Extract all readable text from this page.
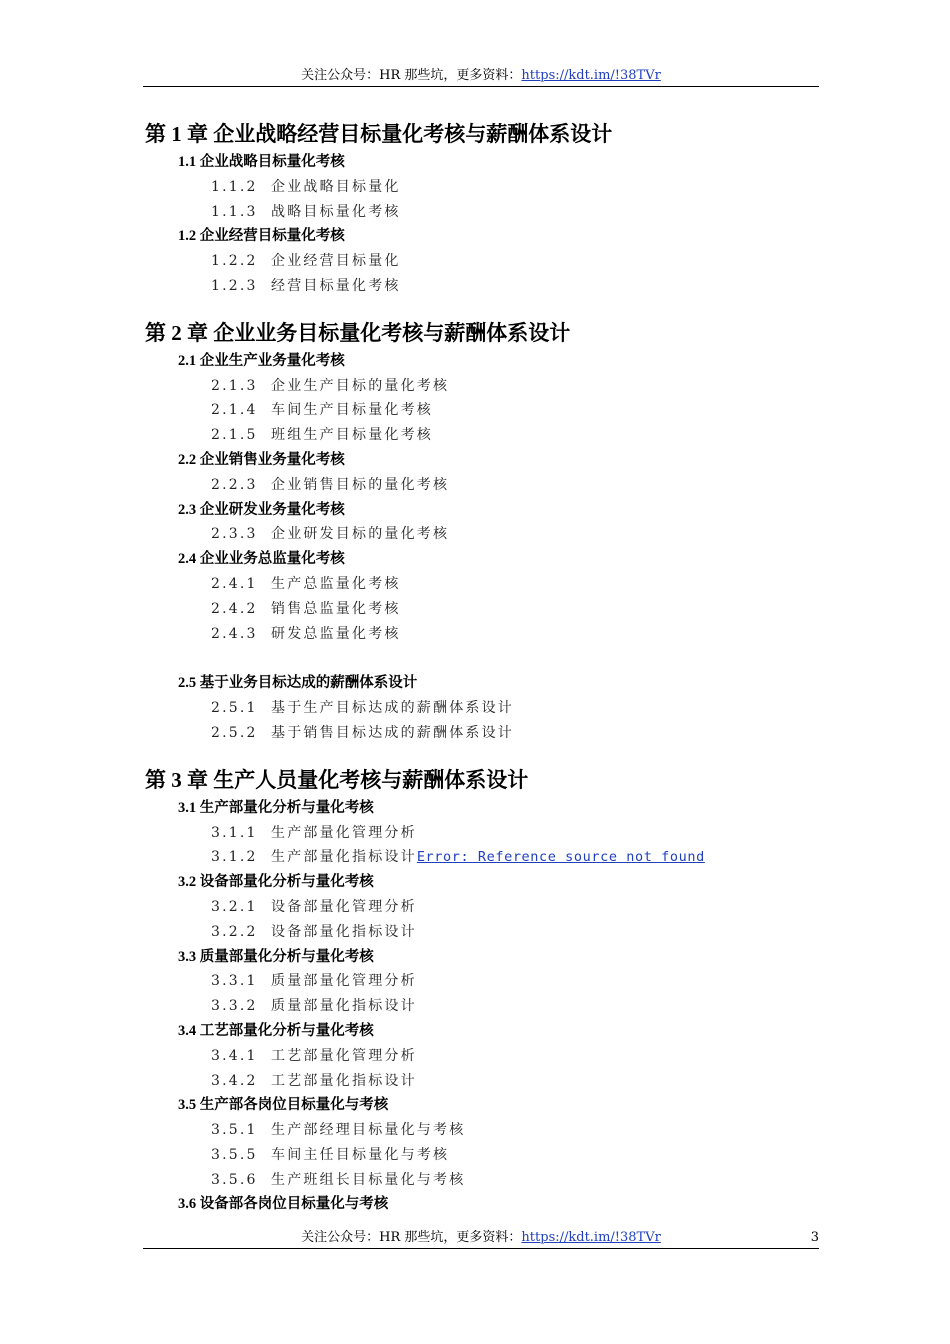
关注公众号：HR 那些坑，更多资料：https://kdt.im/!38TVr
第 1 章 企业战略经营目标量化考核与薪酬体系设计
1.1 企业战略目标量化考核
1.1.2 企业战略目标量化
1.1.3 战略目标量化考核
1.2 企业经营目标量化考核
1.2.2 企业经营目标量化
1.2.3 经营目标量化考核
第 2 章 企业业务目标量化考核与薪酬体系设计
2.1 企业生产业务量化考核
2.1.3 企业生产目标的量化考核
2.1.4 车间生产目标量化考核
2.1.5 班组生产目标量化考核
2.2 企业销售业务量化考核
2.2.3 企业销售目标的量化考核
2.3 企业研发业务量化考核
2.3.3 企业研发目标的量化考核
2.4 企业业务总监量化考核
2.4.1 生产总监量化考核
2.4.2 销售总监量化考核
2.4.3 研发总监量化考核
2.5 基于业务目标达成的薪酬体系设计
2.5.1 基于生产目标达成的薪酬体系设计
2.5.2 基于销售目标达成的薪酬体系设计
第 3 章 生产人员量化考核与薪酬体系设计
3.1 生产部量化分析与量化考核
3.1.1 生产部量化管理分析
3.1.2 生产部量化指标设计Error: Reference source not found
3.2 设备部量化分析与量化考核
3.2.1 设备部量化管理分析
3.2.2 设备部量化指标设计
3.3 质量部量化分析与量化考核
3.3.1 质量部量化管理分析
3.3.2 质量部量化指标设计
3.4 工艺部量化分析与量化考核
3.4.1 工艺部量化管理分析
3.4.2 工艺部量化指标设计
3.5 生产部各岗位目标量化与考核
3.5.1 生产部经理目标量化与考核
3.5.5 车间主任目标量化与考核
3.5.6 生产班组长目标量化与考核
3.6 设备部各岗位目标量化与考核
关注公众号：HR 那些坑，更多资料：https://kdt.im/!38TVr	3
